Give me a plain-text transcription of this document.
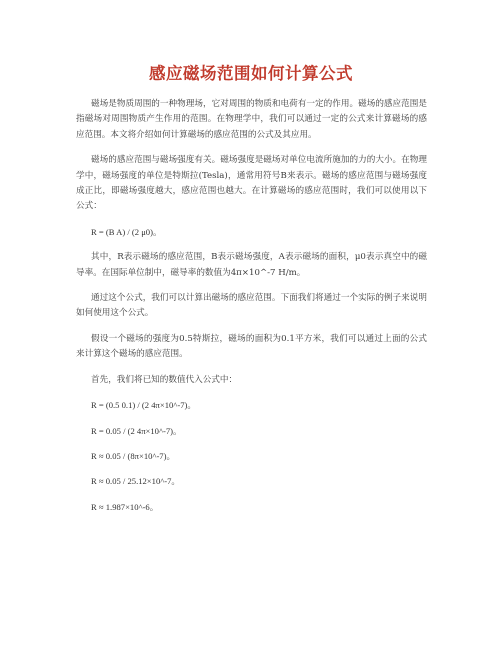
感应磁场范围如何计算公式

磁场是物质周围的一种物理场，它对周围的物质和电荷有一定的作用。磁场的感应范围是指磁场对周围物质产生作用的范围。在物理学中，我们可以通过一定的公式来计算磁场的感应范围。本文将介绍如何计算磁场的感应范围的公式及其应用。

磁场的感应范围与磁场强度有关。磁场强度是磁场对单位电流所施加的力的大小。在物理学中，磁场强度的单位是特斯拉(Tesla)，通常用符号B来表示。磁场的感应范围与磁场强度成正比，即磁场强度越大，感应范围也越大。在计算磁场的感应范围时，我们可以使用以下公式：

R = (B A) / (2 μ0)。

其中，R表示磁场的感应范围，B表示磁场强度，A表示磁场的面积，μ0表示真空中的磁导率。在国际单位制中，磁导率的数值为4π×10^-7 H/m。

通过这个公式，我们可以计算出磁场的感应范围。下面我们将通过一个实际的例子来说明如何使用这个公式。

假设一个磁场的强度为0.5特斯拉，磁场的面积为0.1平方米，我们可以通过上面的公式来计算这个磁场的感应范围。

首先，我们将已知的数值代入公式中：

R = (0.5 0.1) / (2 4π×10^-7)。

R = 0.05 / (2 4π×10^-7)。

R ≈ 0.05 / (8π×10^-7)。

R ≈ 0.05 / 25.12×10^-7。

R ≈ 1.987×10^-6。
